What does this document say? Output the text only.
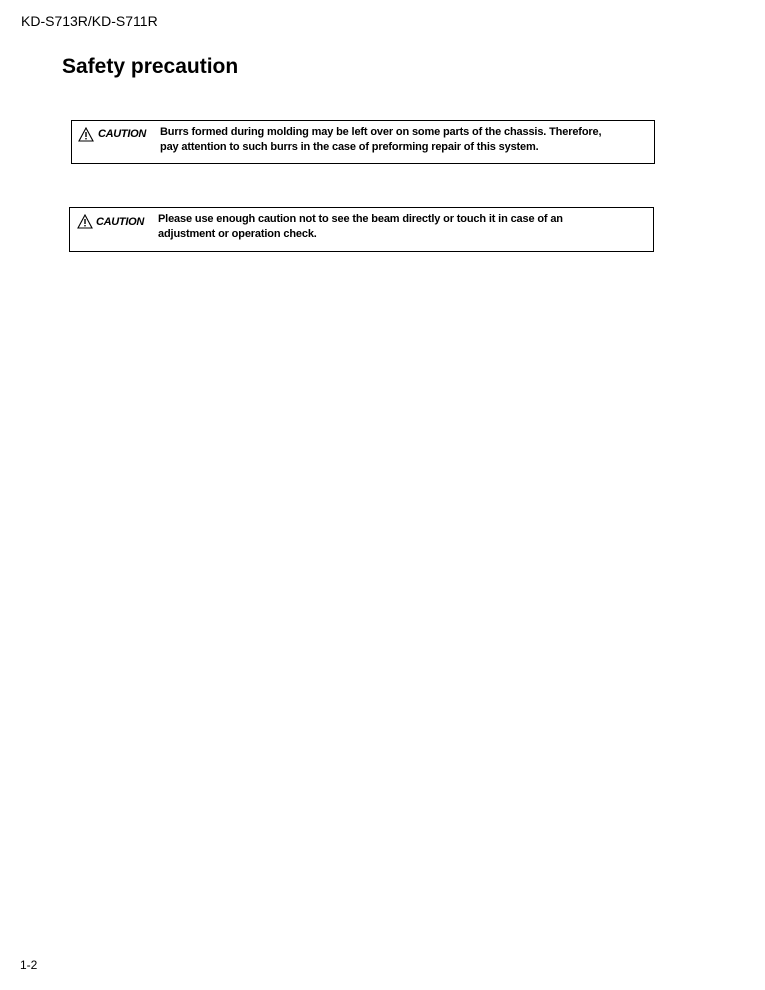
KD-S713R/KD-S711R
Safety precaution
CAUTION Burrs formed during molding may be left over on some parts of the chassis. Therefore,
pay attention to such burrs in the case of preforming repair of this system.
CAUTION Please use enough caution not to see the beam directly or touch it in case of an
adjustment or operation check.
1-2
